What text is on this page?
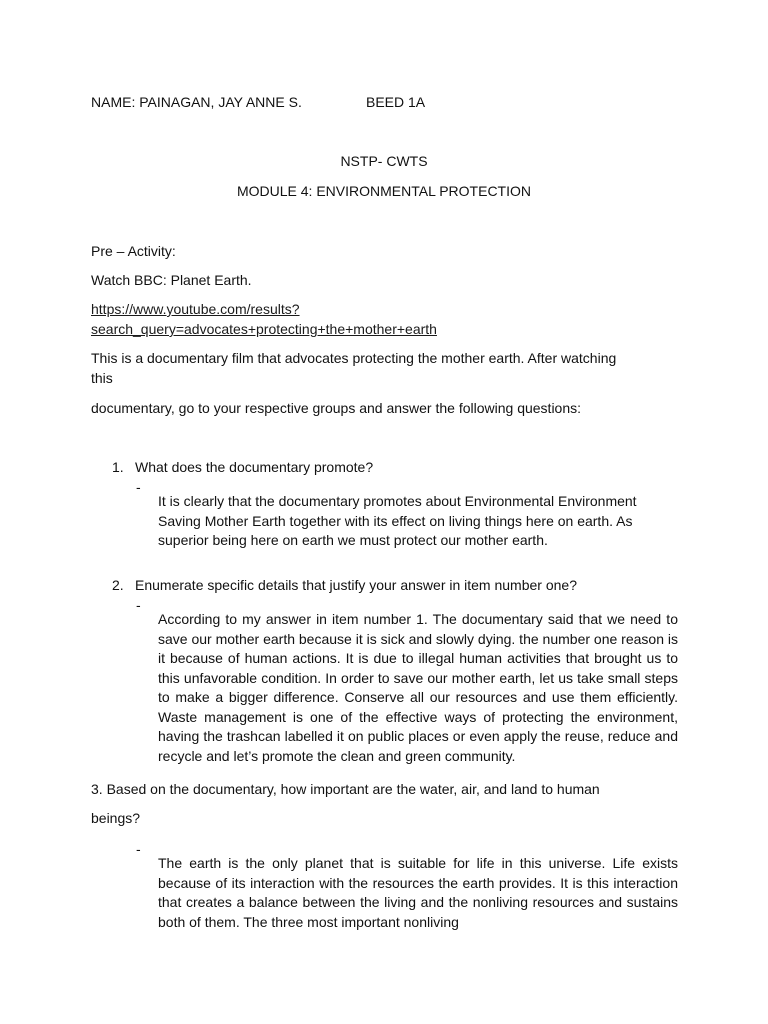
NAME: PAINAGAN, JAY ANNE S.	BEED 1A

NSTP- CWTS

MODULE 4: ENVIRONMENTAL PROTECTION

Pre – Activity:

Watch BBC: Planet Earth.

https://www.youtube.com/results?
search_query=advocates+protecting+the+mother+earth

This is a documentary film that advocates protecting the mother earth. After watching

this

documentary, go to your respective groups and answer the following questions:

1. What does the documentary promote?
-

It is clearly that the documentary promotes about Environmental Environment Saving Mother Earth together with its effect on living things here on earth. As superior being here on earth we must protect our mother earth.

2. Enumerate specific details that justify your answer in item number one?
-

According to my answer in item number 1. The documentary said that we need to save our mother earth because it is sick and slowly dying. the number one reason is it because of human actions. It is due to illegal human activities that brought us to this unfavorable condition. In order to save our mother earth, let us take small steps to make a bigger difference. Conserve all our resources and use them efficiently. Waste management is one of the effective ways of protecting the environment, having the trashcan labelled it on public places or even apply the reuse, reduce and recycle and let’s promote the clean and green community.

3. Based on the documentary, how important are the water, air, and land to human

beings?

-

The earth is the only planet that is suitable for life in this universe. Life exists because of its interaction with the resources the earth provides. It is this interaction that creates a balance between the living and the nonliving resources and sustains both of them. The three most important nonliving
